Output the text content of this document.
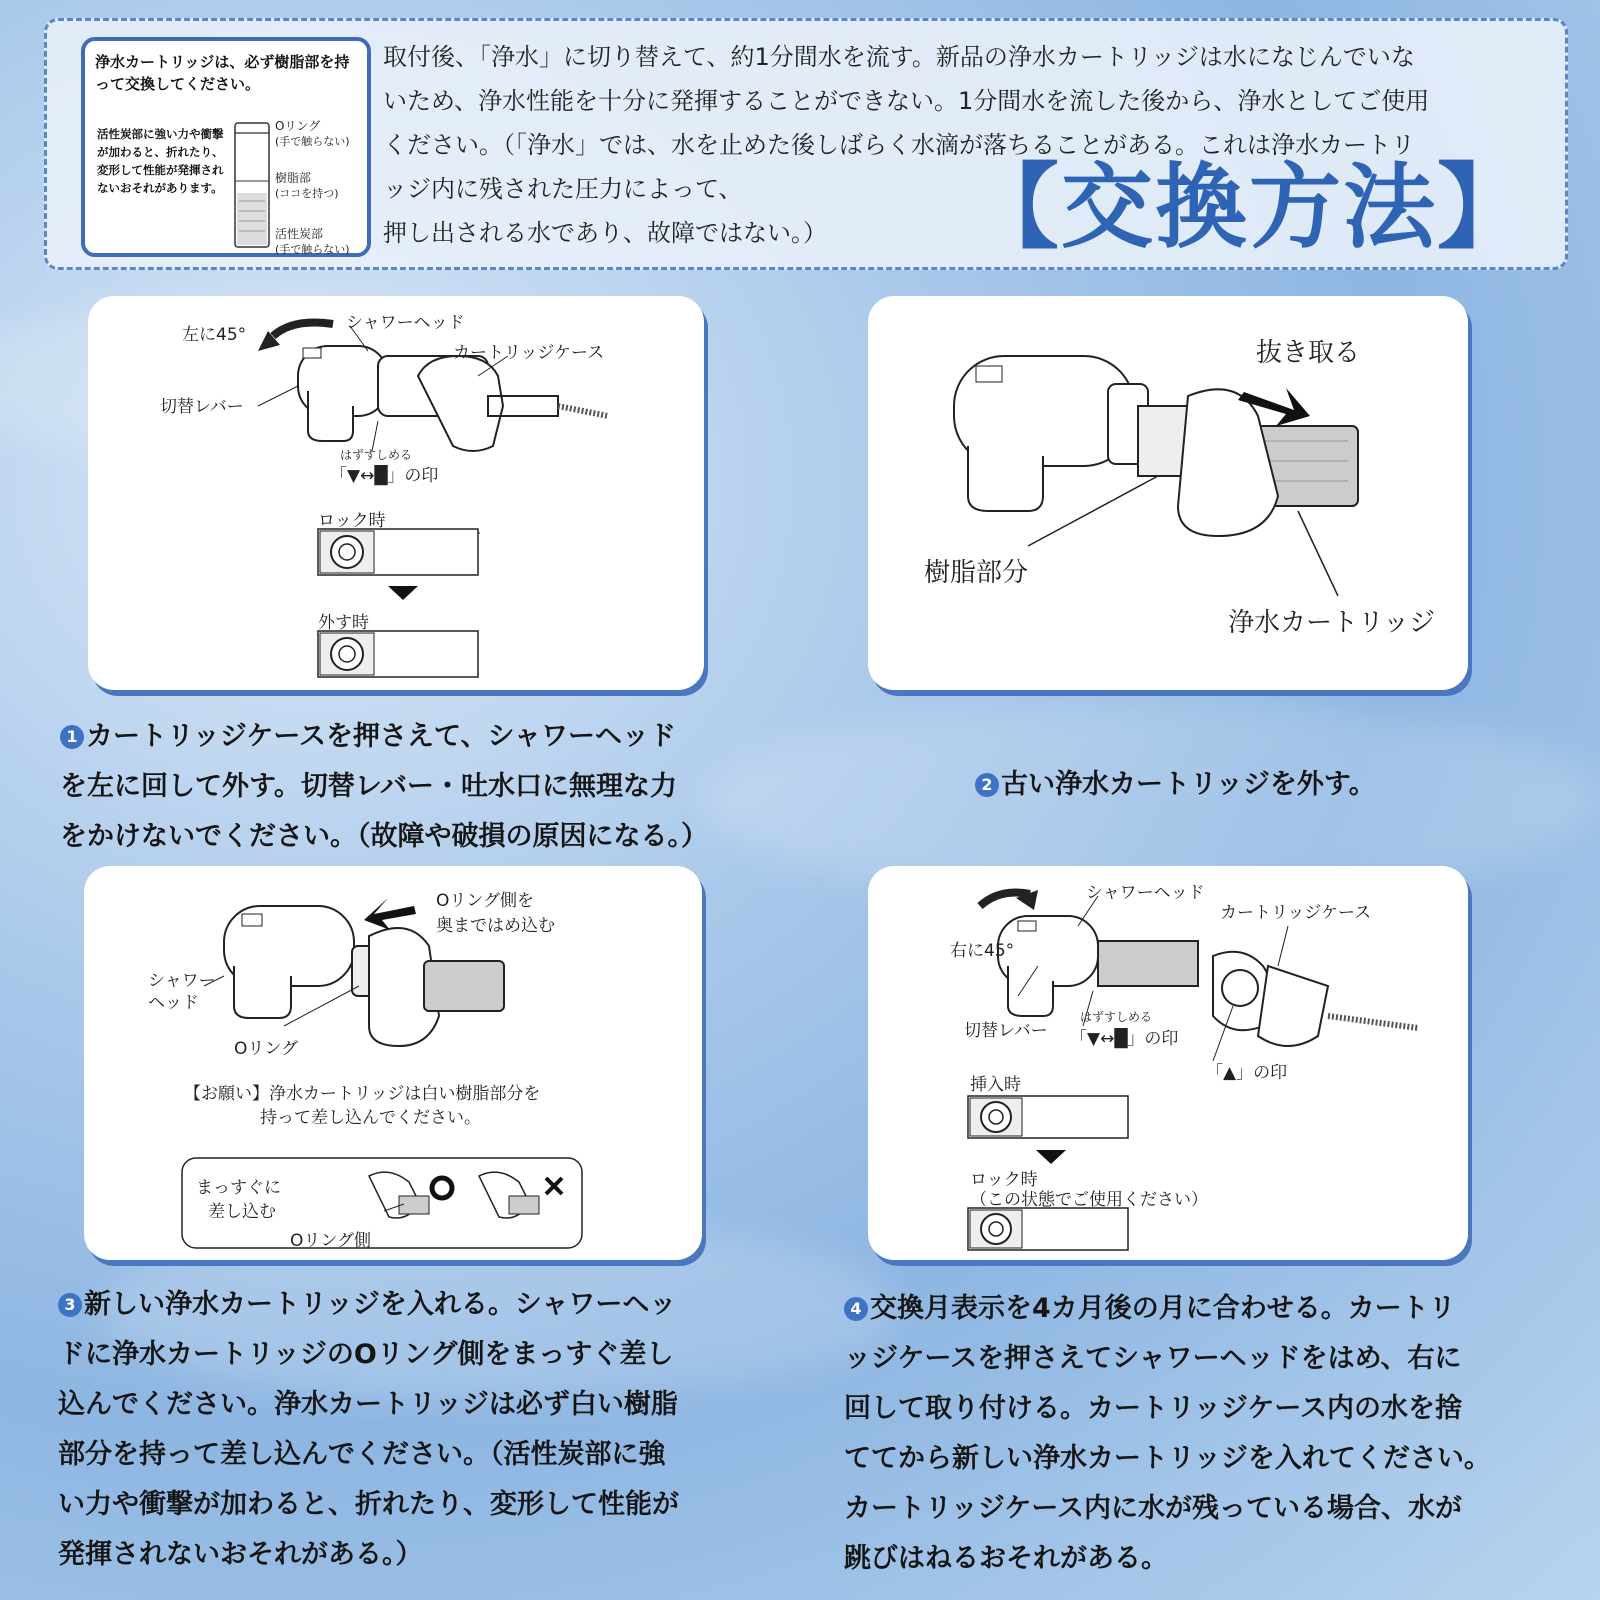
浄水カートリッジは、必ず樹脂部を持って交換してください。

活性炭部に強い力や衝撃が加わると、折れたり、変形して性能が発揮されないおそれがあります。
Oリング
(手で触らない)
樹脂部
(ココを持つ)
活性炭部
(手で触らない)
取付後、「浄水」に切り替えて、約1分間水を流す。新品の浄水カートリッジは水になじんでいな
いため、浄水性能を十分に発揮することができない。1分間水を流した後から、浄水としてご使用
ください。（「浄水」では、水を止めた後しばらく水滴が落ちることがある。これは浄水カートリ
ッジ内に残された圧力によって、
押し出される水であり、故障ではない。）	【交換方法】
左に45°
シャワーヘッド
カートリッジケース
切替レバー
はずす しめる
「▼↔█」の印
ロック時
外す時
抜き取る
樹脂部分
浄水カートリッジ
1 カートリッジケースを押さえて、シャワーヘッド
を左に回して外す。切替レバー・吐水口に無理な力
をかけないでください。（故障や破損の原因になる。）
2 古い浄水カートリッジを外す。
Oリング側を
奥まではめ込む
シャワー
ヘッド
Oリング
【お願い】浄水カートリッジは白い樹脂部分を
持って差し込んでください。
まっすぐに
差し込む
Oリング側
右に45°
シャワーヘッド
カートリッジケース
切替レバー
はずす しめる
「▼↔█」の印
「▲」の印
挿入時
ロック時
（この状態でご使用ください）
3 新しい浄水カートリッジを入れる。シャワーヘッ
ドに浄水カートリッジのOリング側をまっすぐ差し
込んでください。浄水カートリッジは必ず白い樹脂
部分を持って差し込んでください。（活性炭部に強
い力や衝撃が加わると、折れたり、変形して性能が
発揮されないおそれがある。）
4 交換月表示を4カ月後の月に合わせる。カートリ
ッジケースを押さえてシャワーヘッドをはめ、右に
回して取り付ける。カートリッジケース内の水を捨
ててから新しい浄水カートリッジを入れてください。
カートリッジケース内に水が残っている場合、水が
跳びはねるおそれがある。
